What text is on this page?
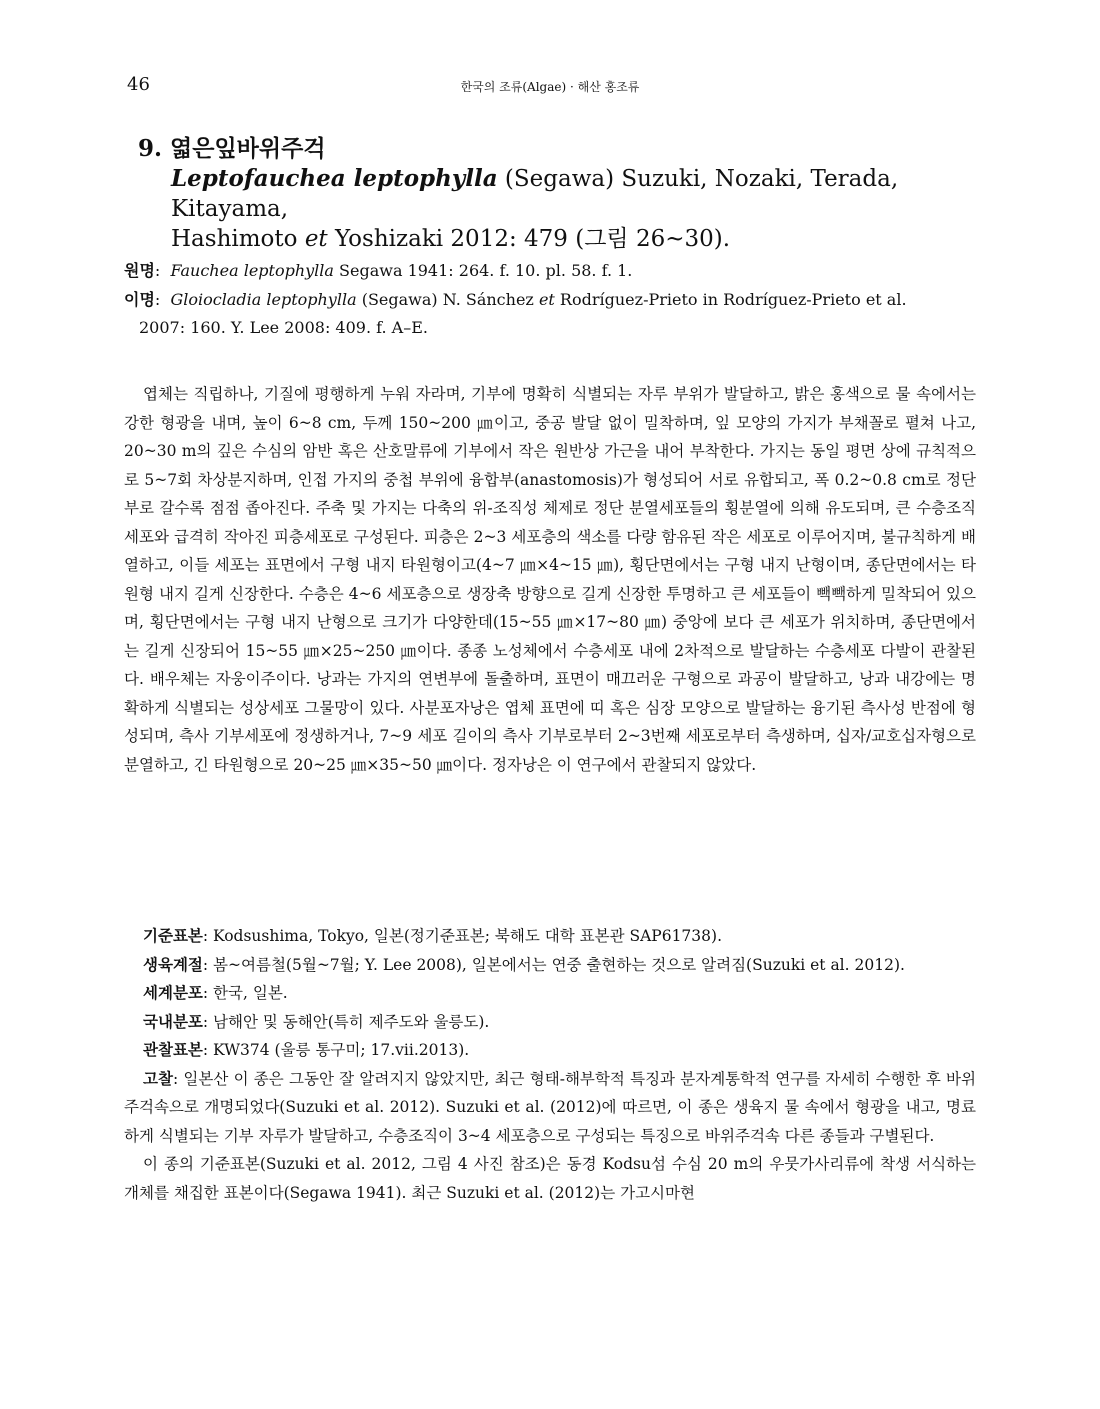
46	한국의 조류(Algae) · 해산 홍조류
9. 엷은잎바위주걱
Leptofauchea leptophylla (Segawa) Suzuki, Nozaki, Terada, Kitayama,
Hashimoto et Yoshizaki 2012: 479 (그림 26~30).
원명:  Fauchea leptophylla Segawa 1941: 264. f. 10. pl. 58. f. 1.
이명:  Gloiocladia leptophylla (Segawa) N. Sánchez et Rodríguez-Prieto in Rodríguez-Prieto et al.
2007: 160. Y. Lee 2008: 409. f. A–E.
엽체는 직립하나, 기질에 평행하게 누워 자라며, 기부에 명확히 식별되는 자루 부위가 발달하고, 밝은 홍색으로 물 속에서는 강한 형광을 내며, 높이 6~8 cm, 두께 150~200 ㎛이고, 중공 발달 없이 밀착하며, 잎 모양의 가지가 부채꼴로 펼쳐 나고, 20~30 m의 깊은 수심의 암반 혹은 산호말류에 기부에서 작은 원반상 가근을 내어 부착한다. 가지는 동일 평면 상에 규칙적으로 5~7회 차상분지하며, 인접 가지의 중첩 부위에 융합부(anastomosis)가 형성되어 서로 유합되고, 폭 0.2~0.8 cm로 정단부로 갈수록 점점 좁아진다. 주축 및 가지는 다축의 위-조직성 체제로 정단 분열세포들의 횡분열에 의해 유도되며, 큰 수층조직 세포와 급격히 작아진 피층세포로 구성된다. 피층은 2~3 세포층의 색소를 다량 함유된 작은 세포로 이루어지며, 불규칙하게 배열하고, 이들 세포는 표면에서 구형 내지 타원형이고(4~7 ㎛×4~15 ㎛), 횡단면에서는 구형 내지 난형이며, 종단면에서는 타원형 내지 길게 신장한다. 수층은 4~6 세포층으로 생장축 방향으로 길게 신장한 투명하고 큰 세포들이 빽빽하게 밀착되어 있으며, 횡단면에서는 구형 내지 난형으로 크기가 다양한데(15~55 ㎛×17~80 ㎛) 중앙에 보다 큰 세포가 위치하며, 종단면에서는 길게 신장되어 15~55 ㎛×25~250 ㎛이다. 종종 노성체에서 수층세포 내에 2차적으로 발달하는 수층세포 다발이 관찰된다. 배우체는 자웅이주이다. 낭과는 가지의 연변부에 돌출하며, 표면이 매끄러운 구형으로 과공이 발달하고, 낭과 내강에는 명확하게 식별되는 성상세포 그물망이 있다. 사분포자낭은 엽체 표면에 띠 혹은 심장 모양으로 발달하는 융기된 측사성 반점에 형성되며, 측사 기부세포에 정생하거나, 7~9 세포 길이의 측사 기부로부터 2~3번째 세포로부터 측생하며, 십자/교호십자형으로 분열하고, 긴 타원형으로 20~25 ㎛×35~50 ㎛이다. 정자낭은 이 연구에서 관찰되지 않았다.

기준표본: Kodsushima, Tokyo, 일본(정기준표본; 북해도 대학 표본관 SAP61738).

생육계절: 봄~여름철(5월~7월; Y. Lee 2008), 일본에서는 연중 출현하는 것으로 알려짐(Suzuki et al. 2012).

세계분포: 한국, 일본.

국내분포: 남해안 및 동해안(특히 제주도와 울릉도).

관찰표본: KW374 (울릉 통구미; 17.vii.2013).

고찰: 일본산 이 종은 그동안 잘 알려지지 않았지만, 최근 형태-해부학적 특징과 분자계통학적 연구를 자세히 수행한 후 바위주걱속으로 개명되었다(Suzuki et al. 2012). Suzuki et al. (2012)에 따르면, 이 종은 생육지 물 속에서 형광을 내고, 명료하게 식별되는 기부 자루가 발달하고, 수층조직이 3~4 세포층으로 구성되는 특징으로 바위주걱속 다른 종들과 구별된다.

이 종의 기준표본(Suzuki et al. 2012, 그림 4 사진 참조)은 동경 Kodsu섬 수심 20 m의 우뭇가사리류에 착생 서식하는 개체를 채집한 표본이다(Segawa 1941). 최근 Suzuki et al. (2012)는 가고시마현
